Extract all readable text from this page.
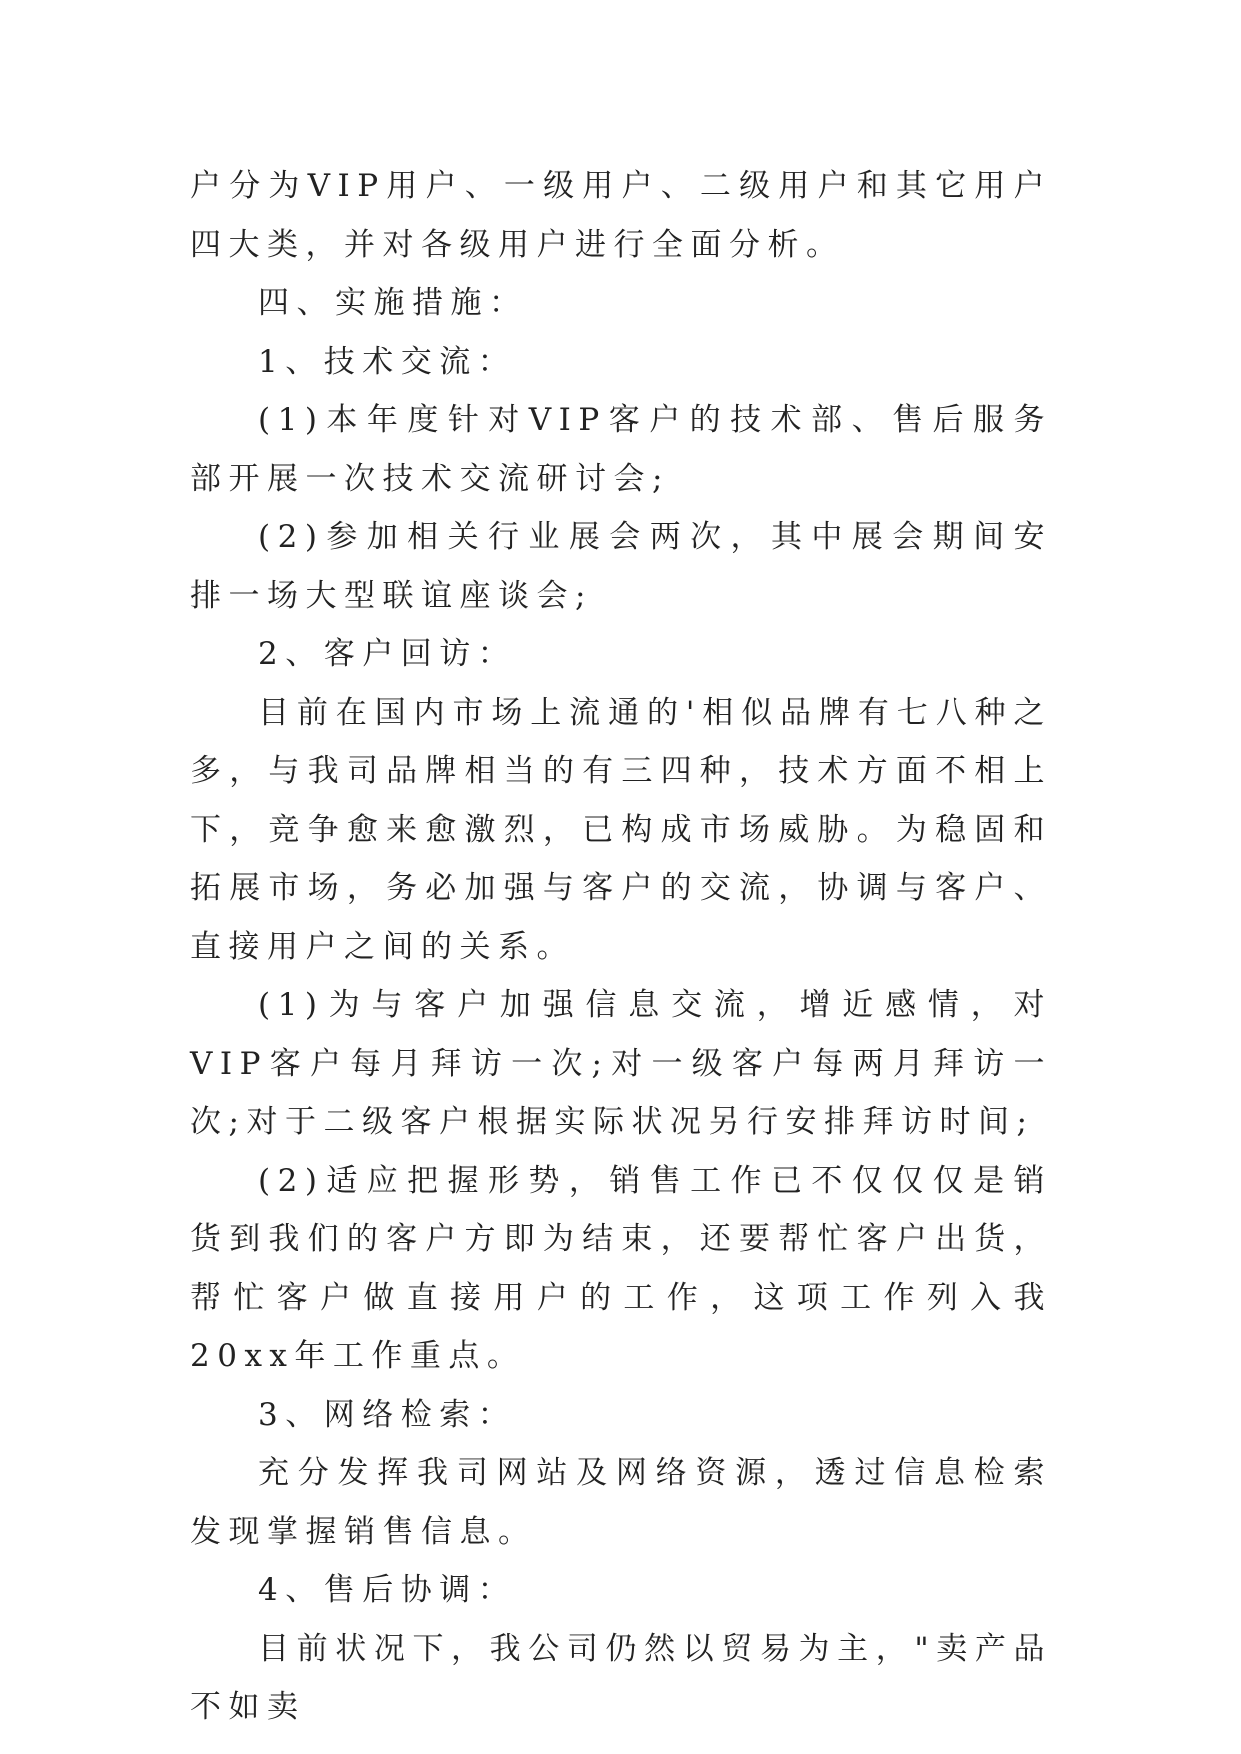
户分为VIP用户、一级用户、二级用户和其它用户四大类，并对各级用户进行全面分析。

四、实施措施：

1、技术交流：

(1)本年度针对VIP客户的技术部、售后服务部开展一次技术交流研讨会;

(2)参加相关行业展会两次，其中展会期间安排一场大型联谊座谈会;

2、客户回访：

目前在国内市场上流通的'相似品牌有七八种之多，与我司品牌相当的有三四种，技术方面不相上下，竞争愈来愈激烈，已构成市场威胁。为稳固和拓展市场，务必加强与客户的交流，协调与客户、直接用户之间的关系。

(1)为与客户加强信息交流，增近感情，对VIP客户每月拜访一次;对一级客户每两月拜访一次;对于二级客户根据实际状况另行安排拜访时间;

(2)适应把握形势，销售工作已不仅仅仅是销货到我们的客户方即为结束，还要帮忙客户出货，帮忙客户做直接用户的工作，这项工作列入我20xx年工作重点。

3、网络检索：

充分发挥我司网站及网络资源，透过信息检索发现掌握销售信息。

4、售后协调：

目前状况下，我公司仍然以贸易为主，"卖产品不如卖
